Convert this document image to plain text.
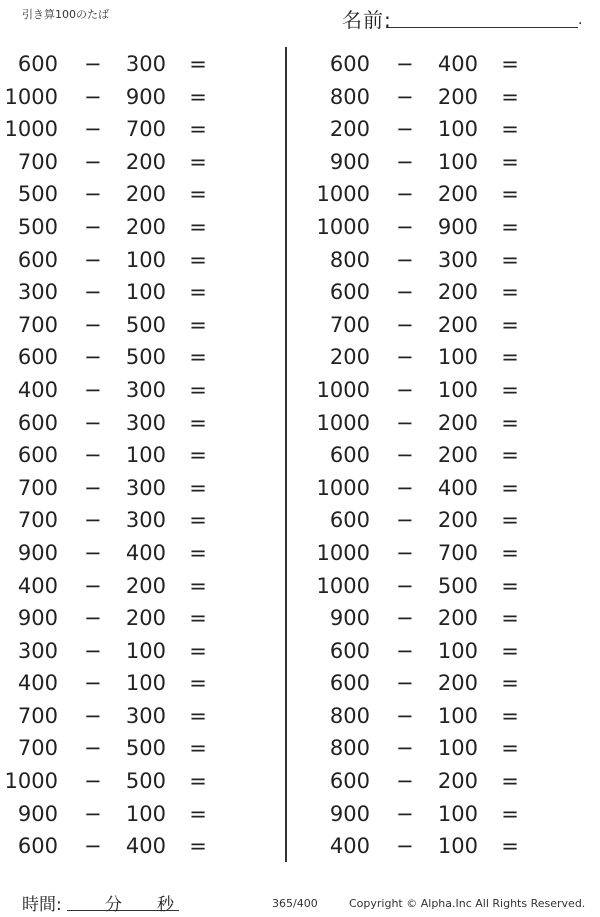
引き算100のたば	名前:	.
600 −	300 =
1000 −	900 =
1000 −	700 =
700 −	200 =
500 −	200 =
500 −	200 =
600 −	100 =
300 −	100 =
700 −	500 =
600 −	500 =
400 −	300 =
600 −	300 =
600 −	100 =
700 −	300 =
700 −	300 =
900 −	400 =
400 −	200 =
900 −	200 =
300 −	100 =
400 −	100 =
700 −	300 =
700 −	500 =
1000 −	500 =
900 −	100 =
600 −	400 =
600 −	400 =
800 −	200 =
200 −	100 =
900 −	100 =
1000 −	200 =
1000 −	900 =
800 −	300 =
600 −	200 =
700 −	200 =
200 −	100 =
1000 −	100 =
1000 −	200 =
600 −	200 =
1000 −	400 =
600 −	200 =
1000 −	700 =
1000 −	500 =
900 −	200 =
600 −	100 =
600 −	200 =
800 −	100 =
800 −	100 =
600 −	200 =
900 −	100 =
400 −	100 =
時間:	分 秒	365/400	Copyright © Alpha.Inc All Rights Reserved.
